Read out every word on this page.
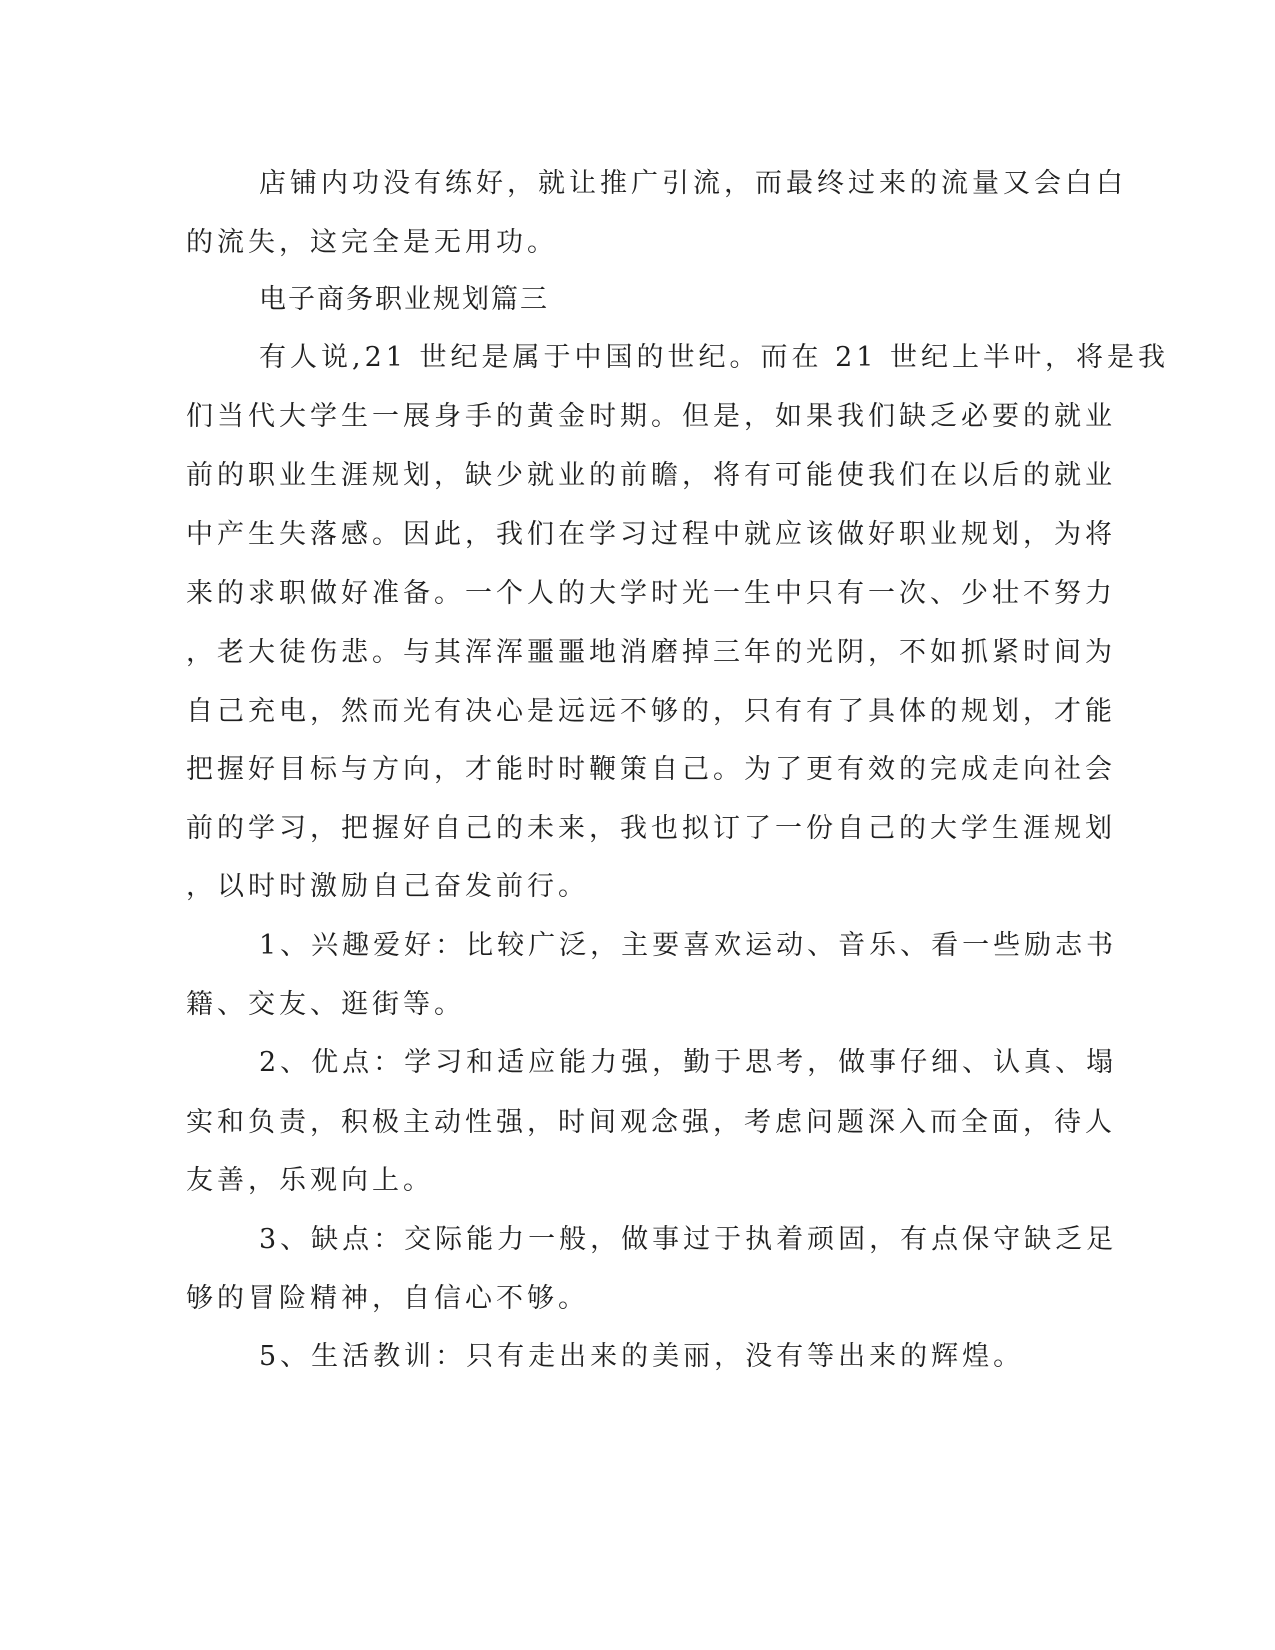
店铺内功没有练好，就让推广引流，而最终过来的流量又会白白
的流失，这完全是无用功。
电子商务职业规划篇三
有人说,21 世纪是属于中国的世纪。而在 21 世纪上半叶，将是我
们当代大学生一展身手的黄金时期。但是，如果我们缺乏必要的就业
前的职业生涯规划，缺少就业的前瞻，将有可能使我们在以后的就业
中产生失落感。因此，我们在学习过程中就应该做好职业规划，为将
来的求职做好准备。一个人的大学时光一生中只有一次、少壮不努力
，老大徒伤悲。与其浑浑噩噩地消磨掉三年的光阴，不如抓紧时间为
自己充电，然而光有决心是远远不够的，只有有了具体的规划，才能
把握好目标与方向，才能时时鞭策自己。为了更有效的完成走向社会
前的学习，把握好自己的未来，我也拟订了一份自己的大学生涯规划
，以时时激励自己奋发前行。
1、兴趣爱好：比较广泛，主要喜欢运动、音乐、看一些励志书
籍、交友、逛街等。
2、优点：学习和适应能力强，勤于思考，做事仔细、认真、塌
实和负责，积极主动性强，时间观念强，考虑问题深入而全面，待人
友善，乐观向上。
3、缺点：交际能力一般，做事过于执着顽固，有点保守缺乏足
够的冒险精神，自信心不够。
5、生活教训：只有走出来的美丽，没有等出来的辉煌。
